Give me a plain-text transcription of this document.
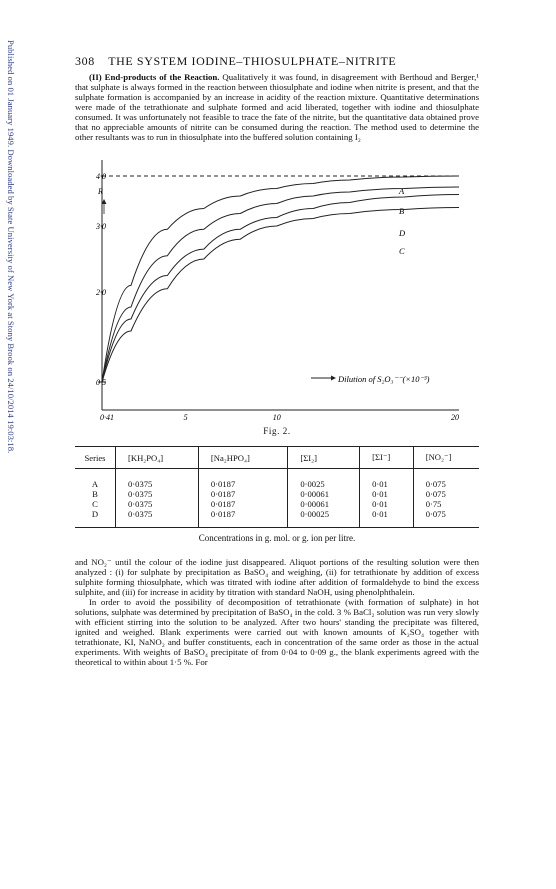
Published on 01 January 1949. Downloaded by State University of New York at Stony Brook on 24/10/2014 19:03:18.	308 THE SYSTEM IODINE–THIOSULPHATE–NITRITE

(II) End-products of the Reaction. Qualitatively it was found, in disagreement with Berthoud and Berger,¹ that sulphate is always formed in the reaction between thiosulphate and iodine when nitrite is present, and that the sulphate formation is accompanied by an increase in acidity of the reaction mixture. Quantitative determinations were made of the tetrathionate and sulphate formed and acid liberated, together with iodine and thiosulphate consumed. It was unfortunately not feasible to trace the fate of the nitrite, but the quantitative data obtained prove that no appreciable amounts of nitrite can be consumed during the reaction. The method used to determine the other resultants was to run in thiosulphate into the buffered solution containing I₂

0·5
2·0
3·0
4·0
0·41	5	10	20
R
Dilution of S₂O₃⁻⁻(×10⁻³)
A
B
D
C
Fig. 2.
Series	[KH₂PO₄]	[Na₂HPO₄]	[ΣI₂]	[ΣI⁻]	[NO₂⁻]
A	0·0375	0·0187	0·0025	0·01	0·075
B	0·0375	0·0187	0·00061	0·01	0·075
C	0·0375	0·0187	0·00061	0·01	0·75
D	0·0375	0·0187	0·00025	0·01	0·075
Concentrations in g. mol. or g. ion per litre.

and NO₂⁻ until the colour of the iodine just disappeared. Aliquot portions of the resulting solution were then analyzed : (i) for sulphate by precipitation as BaSO₄ and weighing, (ii) for tetrathionate by addition of excess sulphite forming thiosulphate, which was titrated with iodine after addition of formaldehyde to bind the excess sulphite, and (iii) for increase in acidity by titration with standard NaOH, using phenolphthalein.

In order to avoid the possibility of decomposition of tetrathionate (with formation of sulphate) in hot solutions, sulphate was determined by precipitation of BaSO₄ in the cold. 3 % BaCl₂ solution was run very slowly with efficient stirring into the solution to be analyzed. After two hours' standing the precipitate was filtered, ignited and weighed. Blank experiments were carried out with known amounts of K₂SO₄ together with tetrathionate, KI, NaNO₂ and buffer constituents, each in concentration of the same order as those in the actual experiments. With weights of BaSO₄ precipitate of from 0·04 to 0·09 g., the blank experiments agreed with the theoretical to within about 1·5 %. For
